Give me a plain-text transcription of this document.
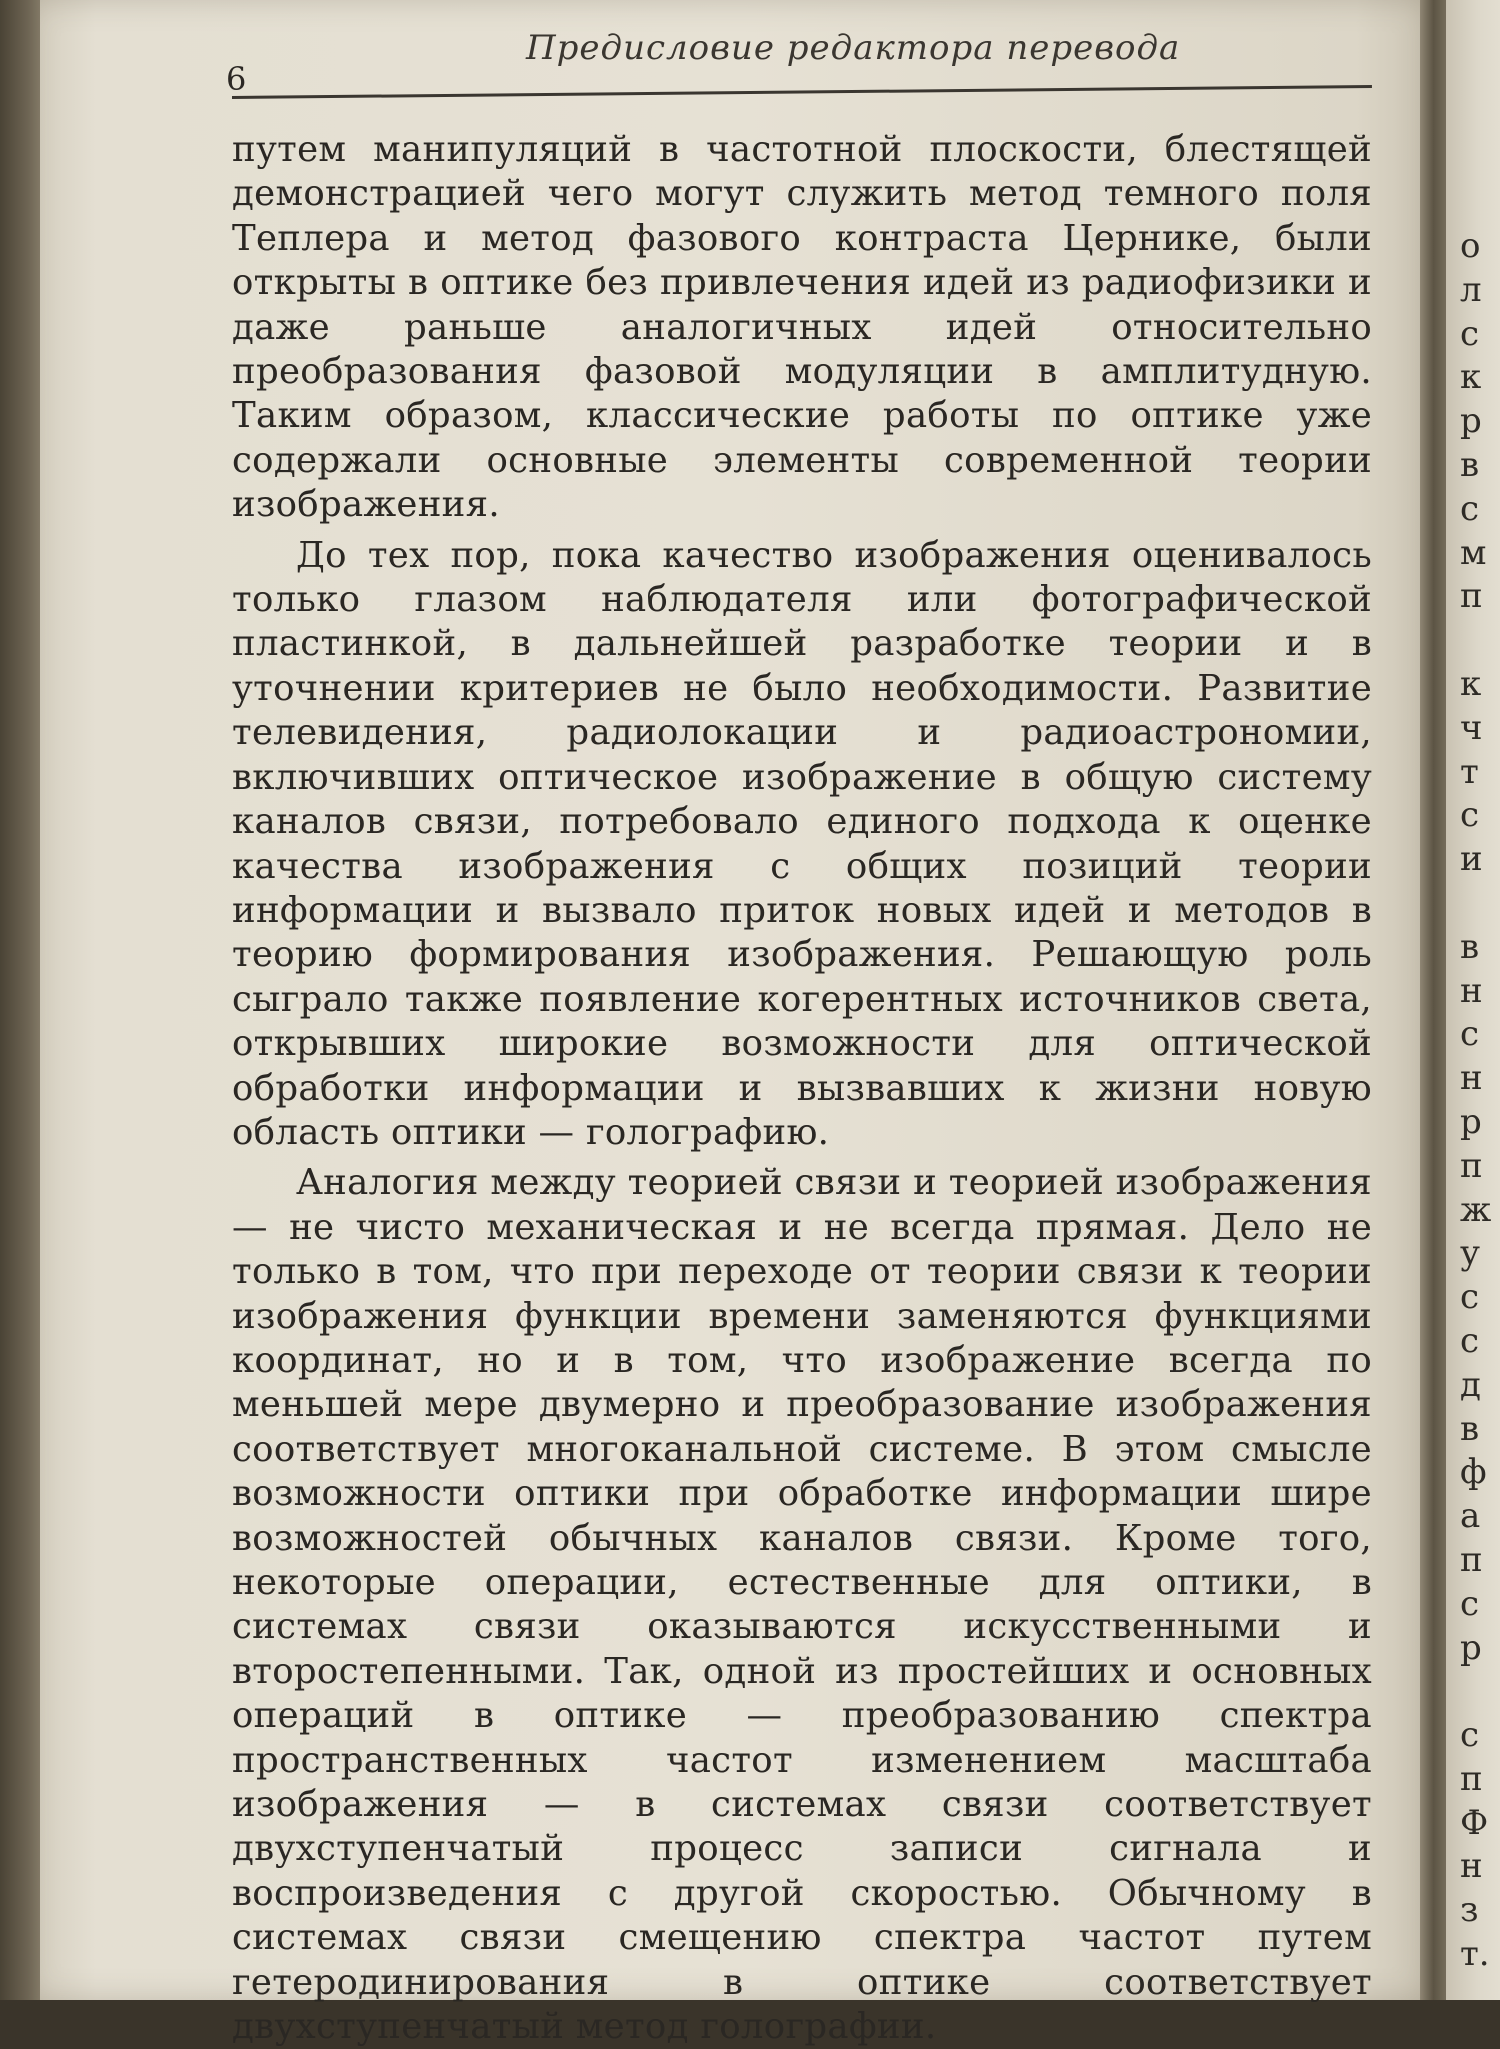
6
Предисловие редактора перевода

путем манипуляций в частотной плоскости, блестящей демонстрацией чего могут служить метод темного поля Теплера и метод фазового контраста Цернике, были открыты в оптике без привлечения идей из радиофизики и даже раньше аналогичных идей относительно преобразования фазовой модуляции в амплитудную. Таким образом, классические работы по оптике уже содержали основные элементы современной теории изображения.

До тех пор, пока качество изображения оценивалось только глазом наблюдателя или фотографической пластинкой, в дальнейшей разработке теории и в уточнении критериев не было необходимости. Развитие телевидения, радиолокации и радиоастрономии, включивших оптическое изображение в общую систему каналов связи, потребовало единого подхода к оценке качества изображения с общих позиций теории информации и вызвало приток новых идей и методов в теорию формирования изображения. Решающую роль сыграло также появление когерентных источников света, открывших широкие возможности для оптической обработки информации и вызвавших к жизни новую область оптики — голографию.

Аналогия между теорией связи и теорией изображения — не чисто механическая и не всегда прямая. Дело не только в том, что при переходе от теории связи к теории изображения функции времени заменяются функциями координат, но и в том, что изображение всегда по меньшей мере двумерно и преобразование изображения соответствует многоканальной системе. В этом смысле возможности оптики при обработке информации шире возможностей обычных каналов связи. Кроме того, некоторые операции, естественные для оптики, в системах связи оказываются искусственными и второстепенными. Так, одной из простейших и основных операций в оптике — преобразованию спектра пространственных частот изменением масштаба изображения — в системах связи соответствует двухступенчатый процесс записи сигнала и воспроизведения с другой скоростью. Обычному в системах связи смещению спектра частот путем гетеродинирования в оптике соответствует двухступенчатый метод голографии.

о
л
с
к
р
в
с
м
п
к
ч
т
с
и
в
н
с
н
р
п
ж
у
с
с
д
в
ф
а
п
с
р
с
п
Ф
н
з
т.
